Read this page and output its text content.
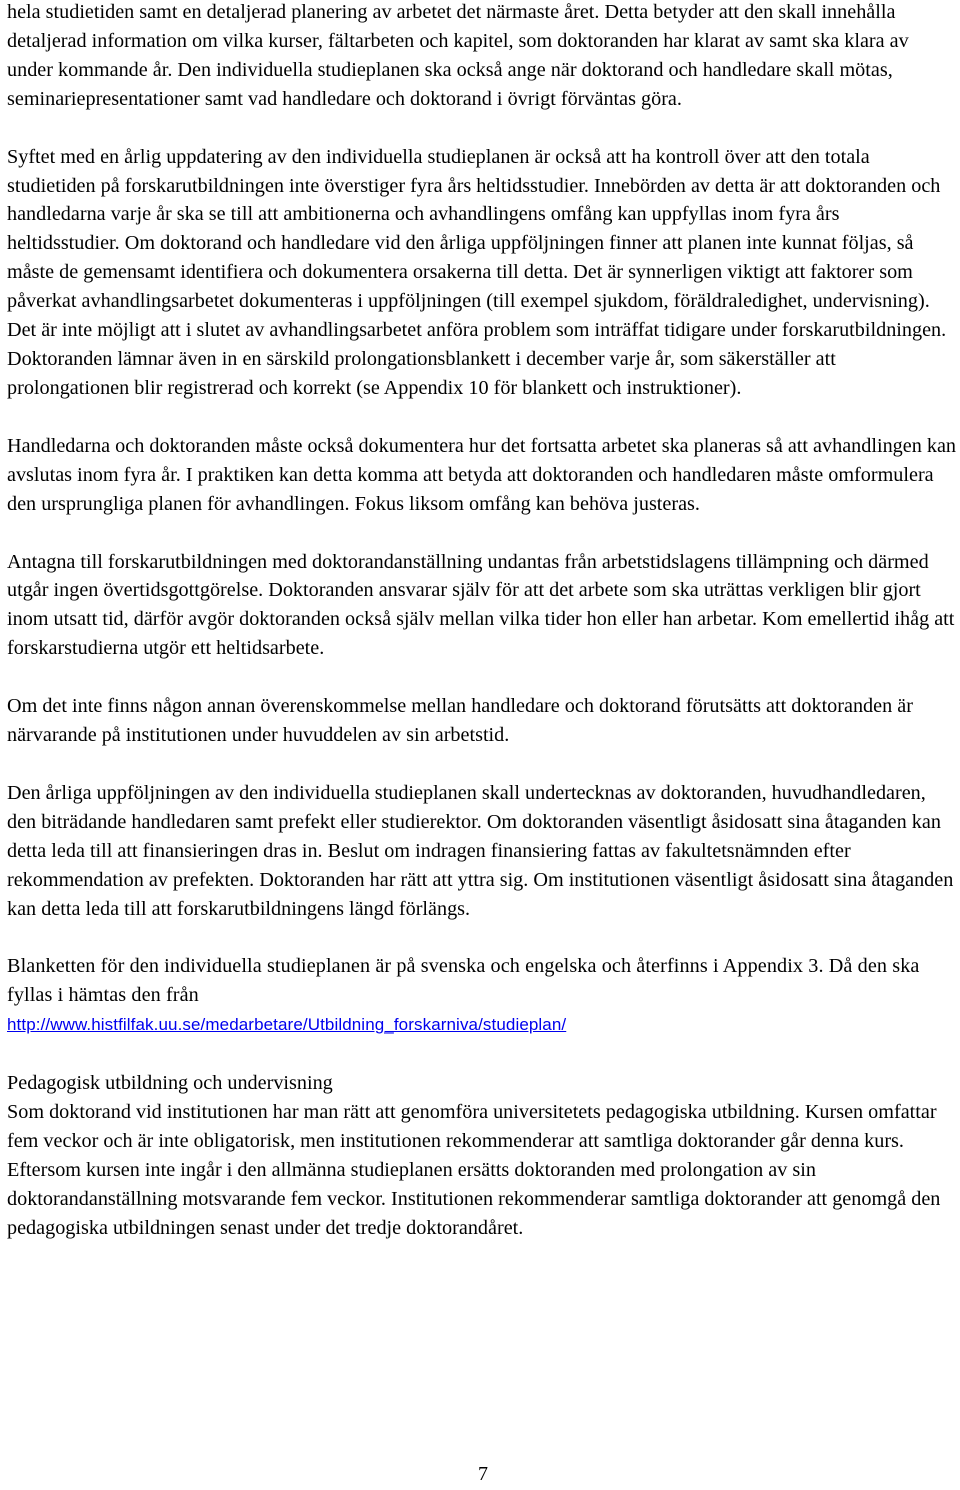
hela studietiden samt en detaljerad planering av arbetet det närmaste året. Detta betyder att den skall innehålla detaljerad information om vilka kurser, fältarbeten och kapitel, som doktoranden har klarat av samt ska klara av under kommande år. Den individuella studieplanen ska också ange när doktorand och handledare skall mötas, seminariepresentationer samt vad handledare och doktorand i övrigt förväntas göra.

Syftet med en årlig uppdatering av den individuella studieplanen är också att ha kontroll över att den totala studietiden på forskarutbildningen inte överstiger fyra års heltidsstudier. Innebörden av detta är att doktoranden och handledarna varje år ska se till att ambitionerna och avhandlingens omfång kan uppfyllas inom fyra års heltidsstudier. Om doktorand och handledare vid den årliga uppföljningen finner att planen inte kunnat följas, så måste de gemensamt identifiera och dokumentera orsakerna till detta. Det är synnerligen viktigt att faktorer som påverkat avhandlingsarbetet dokumenteras i uppföljningen (till exempel sjukdom, föräldraledighet, undervisning). Det är inte möjligt att i slutet av avhandlingsarbetet anföra problem som inträffat tidigare under forskarutbildningen. Doktoranden lämnar även in en särskild prolongationsblankett i december varje år, som säkerställer att prolongationen blir registrerad och korrekt (se Appendix 10 för blankett och instruktioner).

Handledarna och doktoranden måste också dokumentera hur det fortsatta arbetet ska planeras så att avhandlingen kan avslutas inom fyra år. I praktiken kan detta komma att betyda att doktoranden och handledaren måste omformulera den ursprungliga planen för avhandlingen. Fokus liksom omfång kan behöva justeras.

Antagna till forskarutbildningen med doktorandanställning undantas från arbetstidslagens tillämpning och därmed utgår ingen övertidsgottgörelse. Doktoranden ansvarar själv för att det arbete som ska uträttas verkligen blir gjort inom utsatt tid, därför avgör doktoranden också själv mellan vilka tider hon eller han arbetar. Kom emellertid ihåg att forskarstudierna utgör ett heltidsarbete.

Om det inte finns någon annan överenskommelse mellan handledare och doktorand förutsätts att doktoranden är närvarande på institutionen under huvuddelen av sin arbetstid.

Den årliga uppföljningen av den individuella studieplanen skall undertecknas av doktoranden, huvudhandledaren, den biträdande handledaren samt prefekt eller studierektor. Om doktoranden väsentligt åsidosatt sina åtaganden kan detta leda till att finansieringen dras in. Beslut om indragen finansiering fattas av fakultetsnämnden efter rekommendation av prefekten. Doktoranden har rätt att yttra sig. Om institutionen väsentligt åsidosatt sina åtaganden kan detta leda till att forskarutbildningens längd förlängs.

Blanketten för den individuella studieplanen är på svenska och engelska och återfinns i Appendix 3. Då den ska fyllas i hämtas den från
http://www.histfilfak.uu.se/medarbetare/Utbildning_forskarniva/studieplan/

Pedagogisk utbildning och undervisning
Som doktorand vid institutionen har man rätt att genomföra universitetets pedagogiska utbildning. Kursen omfattar fem veckor och är inte obligatorisk, men institutionen rekommenderar att samtliga doktorander går denna kurs. Eftersom kursen inte ingår i den allmänna studieplanen ersätts doktoranden med prolongation av sin doktorandanställning motsvarande fem veckor. Institutionen rekommenderar samtliga doktorander att genomgå den pedagogiska utbildningen senast under det tredje doktorandåret.

7
